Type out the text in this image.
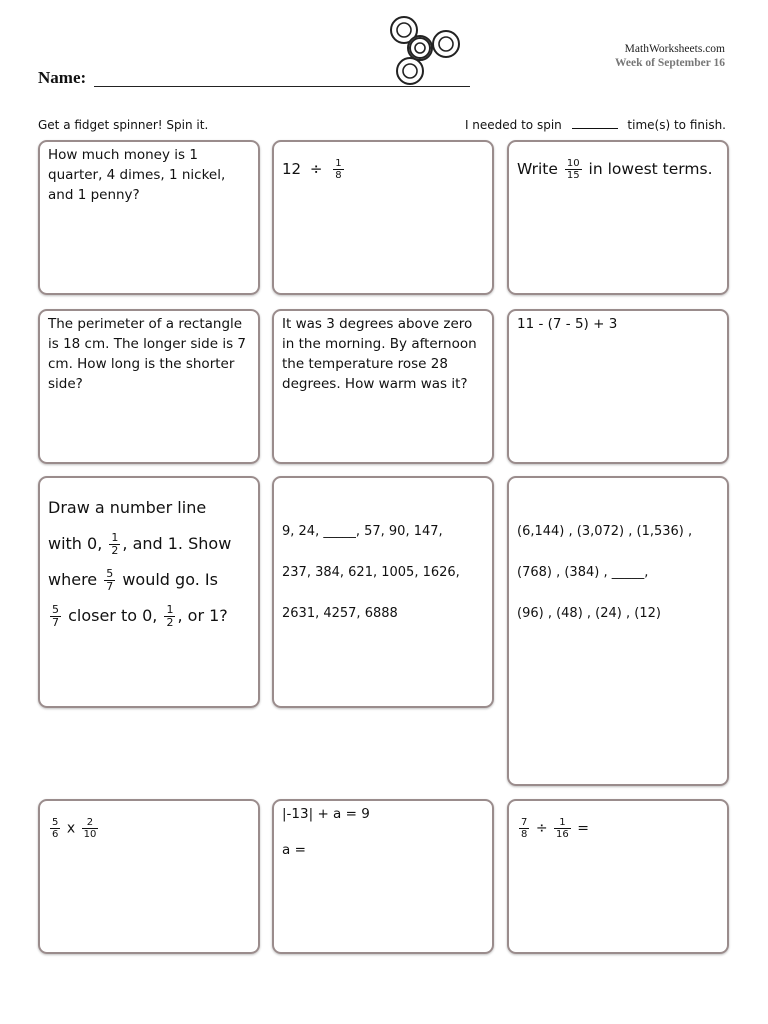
Name:
MathWorksheets.com
Week of September 16
Get a fidget spinner! Spin it.	I needed to spin	time(s) to finish.
How much money is 1 quarter, 4 dimes, 1 nickel, and 1 penny?
$12 \div \frac{1}{8}$	Write $\frac{10}{15}$ in lowest terms.
The perimeter of a rectangle is 18 cm. The longer side is 7 cm. How long is the shorter side?
It was 3 degrees above zero in the morning. By afternoon the temperature rose 28 degrees. How warm was it?
11 - (7 - 5) + 3
Draw a number line
with 0, $\frac{1}{2}$ , and 1. Show
where $\frac{5}{7}$ would go. Is
$\frac{5}{7}$ closer to 0, $\frac{1}{2}$ , or 1?
9, 24, _____, 57, 90, 147,
237, 384, 621, 1005, 1626,
2631, 4257, 6888
(6,144) , (3,072) , (1,536) ,
(768) , (384) , _____,
(96) , (48) , (24) , (12)
$\frac{5}{6}$ x $\frac{2}{10}$
|-13| + a = 9
a =
$\frac{7}{8} \div \frac{1}{16}$ =
